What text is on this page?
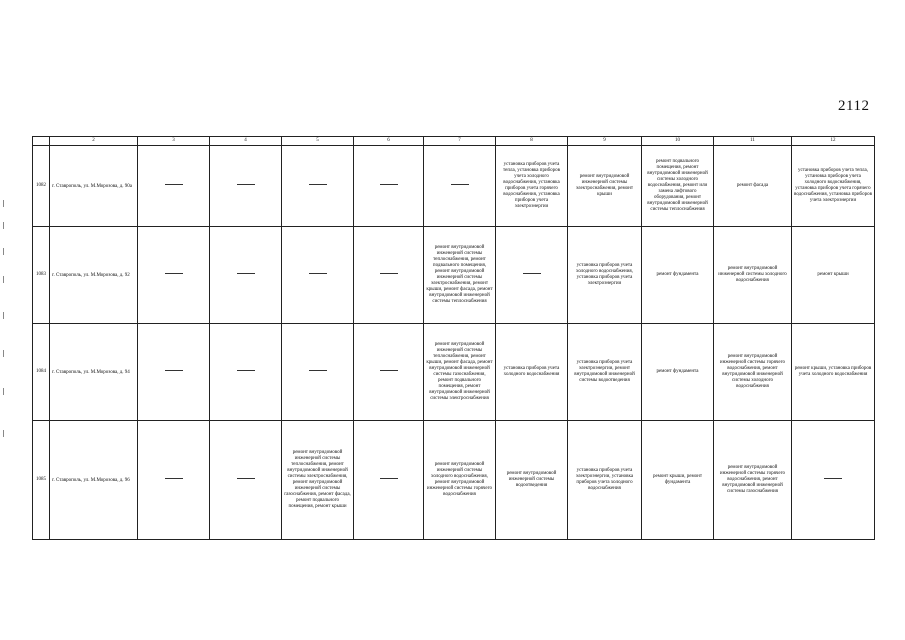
2112
	2	3	4	5	6	7	8	9	10	11	12
1082	г. Ставрополь, ул. М.Морозова, д. 90а						установка приборов учета тепла, установка приборов учета холодного водоснабжения, установка приборов учета горячего водоснабжения, установка приборов учета электроэнергии	ремонт внутридомовой инженерной системы электроснабжения, ремонт крыши	ремонт подвального помещения, ремонт внутридомовой инженерной системы холодного водоснабжения, ремонт или замена лифтового оборудования, ремонт внутридомовой инженерной системы теплоснабжения	ремонт фасада	установка приборов учета тепла, установка приборов учета холодного водоснабжения, установка приборов учета горячего водоснабжения, установка приборов учета электроэнергии
1083	г. Ставрополь, ул. М.Морозова, д. 92					ремонт внутридомовой инженерной системы теплоснабжения, ремонт подвального помещения, ремонт внутридомовой инженерной системы электроснабжения, ремонт крыши, ремонт фасада, ремонт внутридомовой инженерной системы теплоснабжения		установка приборов учета холодного водоснабжения, установка приборов учета электроэнергии	ремонт фундамента	ремонт внутридомовой инженерной системы холодного водоснабжения	ремонт крыши
1084	г. Ставрополь, ул. М.Морозова, д. 94					ремонт внутридомовой инженерной системы теплоснабжения, ремонт крыши, ремонт фасада, ремонт внутридомовой инженерной системы газоснабжения, ремонт подвального помещения, ремонт внутридомовой инженерной системы электроснабжения	установка приборов учета холодного водоснабжения	установка приборов учета электроэнергии, ремонт внутридомовой инженерной системы водоотведения	ремонт фундамента	ремонт внутридомовой инженерной системы горячего водоснабжения, ремонт внутридомовой инженерной системы холодного водоснабжения	ремонт крыши, установка приборов учета холодного водоснабжения
1085	г. Ставрополь, ул. М.Морозова, д. 96			ремонт внутридомовой инженерной системы теплоснабжения, ремонт внутридомовой инженерной системы электроснабжения, ремонт внутридомовой инженерной системы газоснабжения, ремонт фасада, ремонт подвального помещения, ремонт крыши		ремонт внутридомовой инженерной системы холодного водоснабжения, ремонт внутридомовой инженерной системы горячего водоснабжения	ремонт внутридомовой инженерной системы водоотведения	установка приборов учета электроэнергии, установка приборов учета холодного водоснабжения	ремонт крыши, ремонт фундамента	ремонт внутридомовой инженерной системы горячего водоснабжения, ремонт внутридомовой инженерной системы газоснабжения	
